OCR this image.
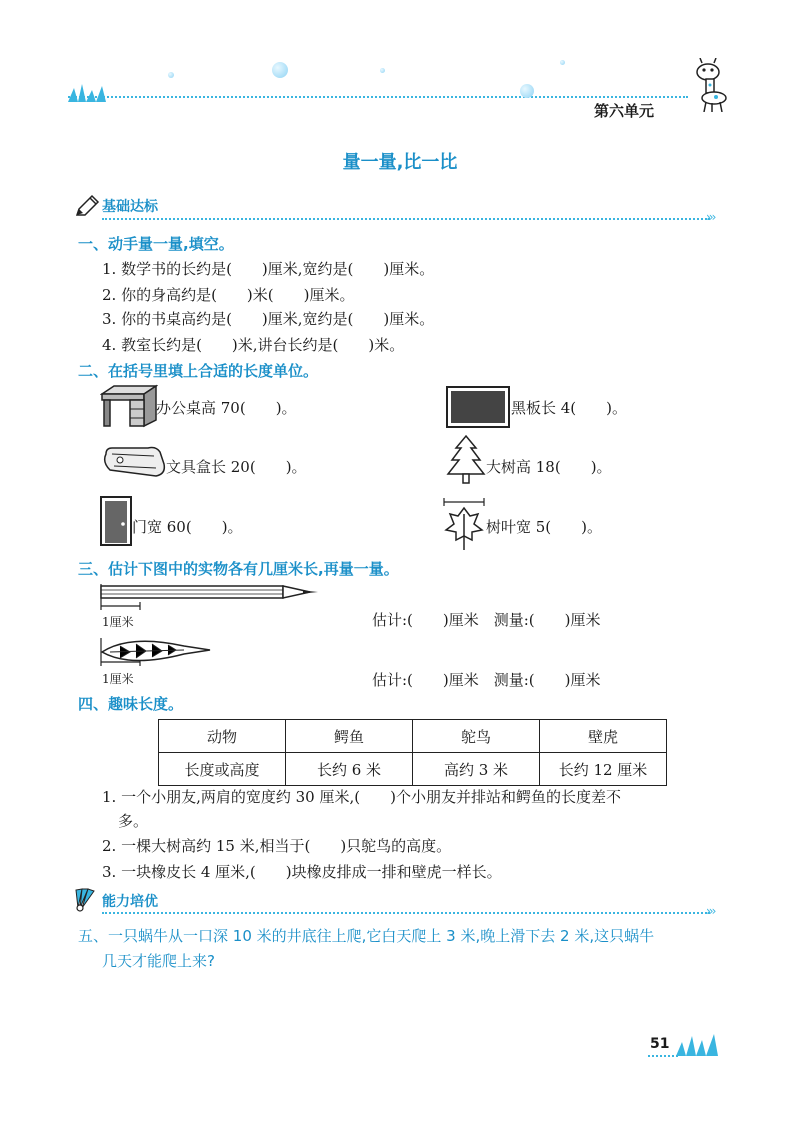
第六单元
量一量,比一比
基础达标
›››
一、动手量一量,填空。
1. 数学书的长约是(　　)厘米,宽约是(　　)厘米。
2. 你的身高约是(　　)米(　　)厘米。
3. 你的书桌高约是(　　)厘米,宽约是(　　)厘米。
4. 教室长约是(　　)米,讲台长约是(　　)米。
二、在括号里填上合适的长度单位。
办公桌高 70(　　)。	黑板长 4(　　)。
文具盒长 20(　　)。	大树高 18(　　)。
门宽 60(　　)。	树叶宽 5(　　)。
三、估计下图中的实物各有几厘米长,再量一量。
1厘米	估计:(　　)厘米　测量:(　　)厘米
1厘米	估计:(　　)厘米　测量:(　　)厘米
四、趣味长度。
动物	鳄鱼	鸵鸟	壁虎
长度或高度	长约 6 米	高约 3 米	长约 12 厘米
1. 一个小朋友,两肩的宽度约 30 厘米,(　　)个小朋友并排站和鳄鱼的长度差不
多。
2. 一棵大树高约 15 米,相当于(　　)只鸵鸟的高度。
3. 一块橡皮长 4 厘米,(　　)块橡皮排成一排和壁虎一样长。
能力培优
›››
五、一只蜗牛从一口深 10 米的井底往上爬,它白天爬上 3 米,晚上滑下去 2 米,这只蜗牛
几天才能爬上来?
51
